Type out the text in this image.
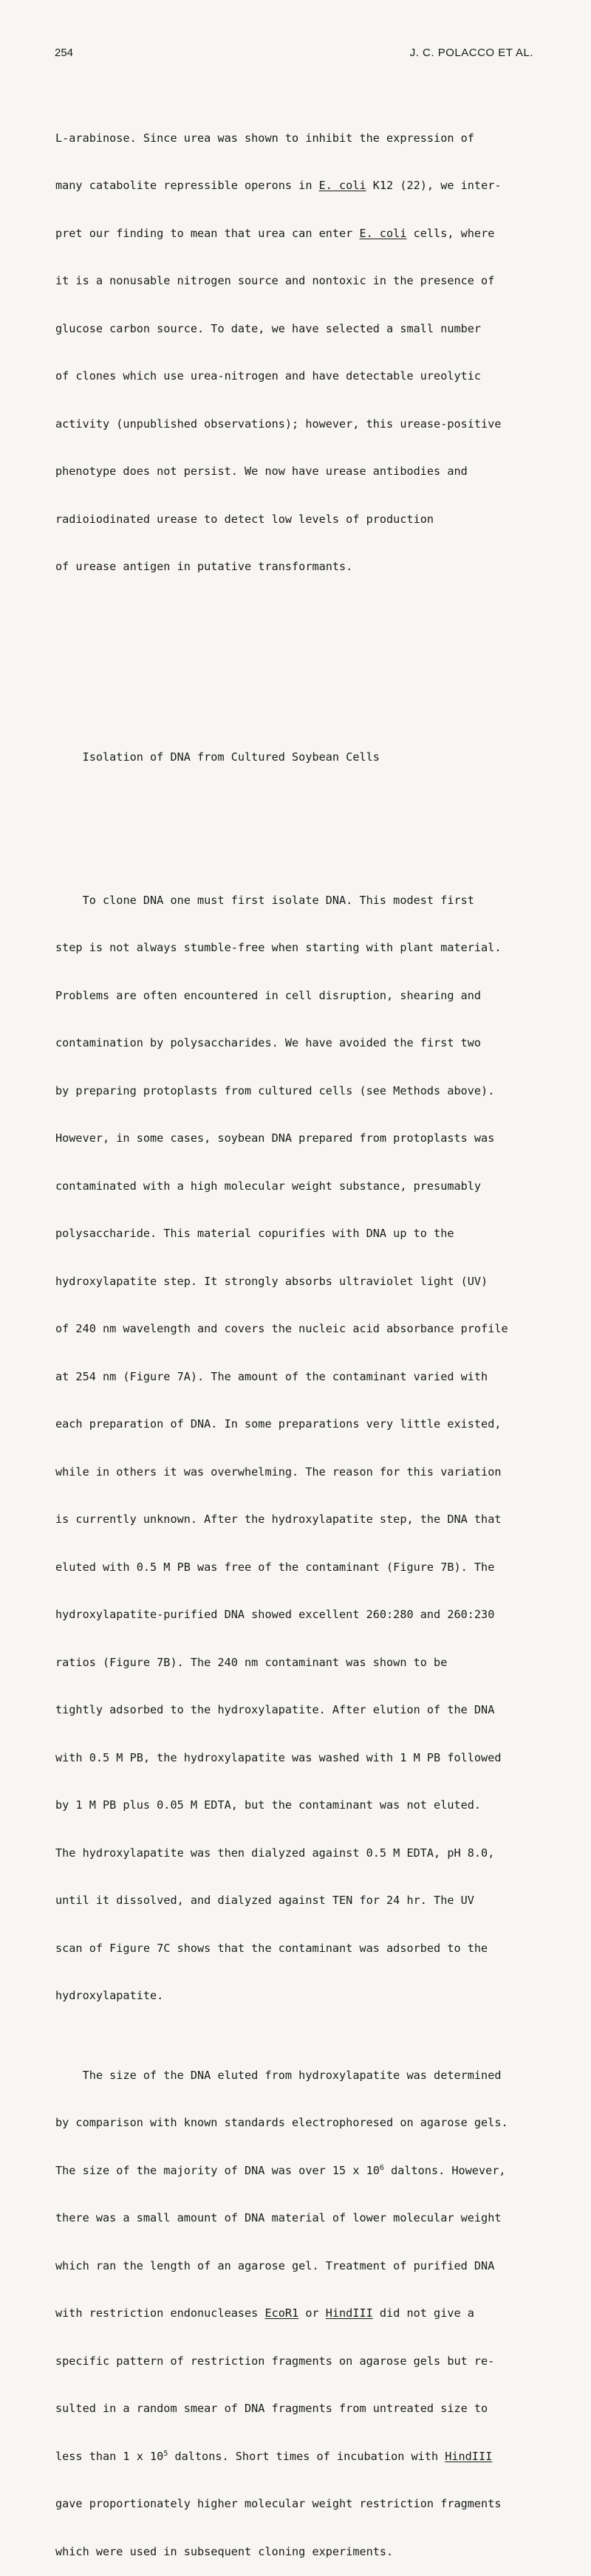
254	J. C. POLACCO ET AL.

L-arabinose. Since urea was shown to inhibit the expression of

many catabolite repressible operons in E. coli K12 (22), we inter-

pret our finding to mean that urea can enter E. coli cells, where

it is a nonusable nitrogen source and nontoxic in the presence of

glucose carbon source. To date, we have selected a small number

of clones which use urea-nitrogen and have detectable ureolytic

activity (unpublished observations); however, this urease-positive

phenotype does not persist. We now have urease antibodies and

radioiodinated urease to detect low levels of production

of urease antigen in putative transformants.

Isolation of DNA from Cultured Soybean Cells

To clone DNA one must first isolate DNA. This modest first

step is not always stumble-free when starting with plant material.

Problems are often encountered in cell disruption, shearing and

contamination by polysaccharides. We have avoided the first two

by preparing protoplasts from cultured cells (see Methods above).

However, in some cases, soybean DNA prepared from protoplasts was

contaminated with a high molecular weight substance, presumably

polysaccharide. This material copurifies with DNA up to the

hydroxylapatite step. It strongly absorbs ultraviolet light (UV)

of 240 nm wavelength and covers the nucleic acid absorbance profile

at 254 nm (Figure 7A). The amount of the contaminant varied with

each preparation of DNA. In some preparations very little existed,

while in others it was overwhelming. The reason for this variation

is currently unknown. After the hydroxylapatite step, the DNA that

eluted with 0.5 M PB was free of the contaminant (Figure 7B). The

hydroxylapatite-purified DNA showed excellent 260:280 and 260:230

ratios (Figure 7B). The 240 nm contaminant was shown to be

tightly adsorbed to the hydroxylapatite. After elution of the DNA

with 0.5 M PB, the hydroxylapatite was washed with 1 M PB followed

by 1 M PB plus 0.05 M EDTA, but the contaminant was not eluted.

The hydroxylapatite was then dialyzed against 0.5 M EDTA, pH 8.0,

until it dissolved, and dialyzed against TEN for 24 hr. The UV

scan of Figure 7C shows that the contaminant was adsorbed to the

hydroxylapatite.

The size of the DNA eluted from hydroxylapatite was determined

by comparison with known standards electrophoresed on agarose gels.

The size of the majority of DNA was over 15 x $10^6$ daltons. However,

there was a small amount of DNA material of lower molecular weight

which ran the length of an agarose gel. Treatment of purified DNA

with restriction endonucleases EcoR1 or HindIII did not give a

specific pattern of restriction fragments on agarose gels but re-

sulted in a random smear of DNA fragments from untreated size to

less than 1 x $10^5$ daltons. Short times of incubation with HindIII

gave proportionately higher molecular weight restriction fragments

which were used in subsequent cloning experiments.
